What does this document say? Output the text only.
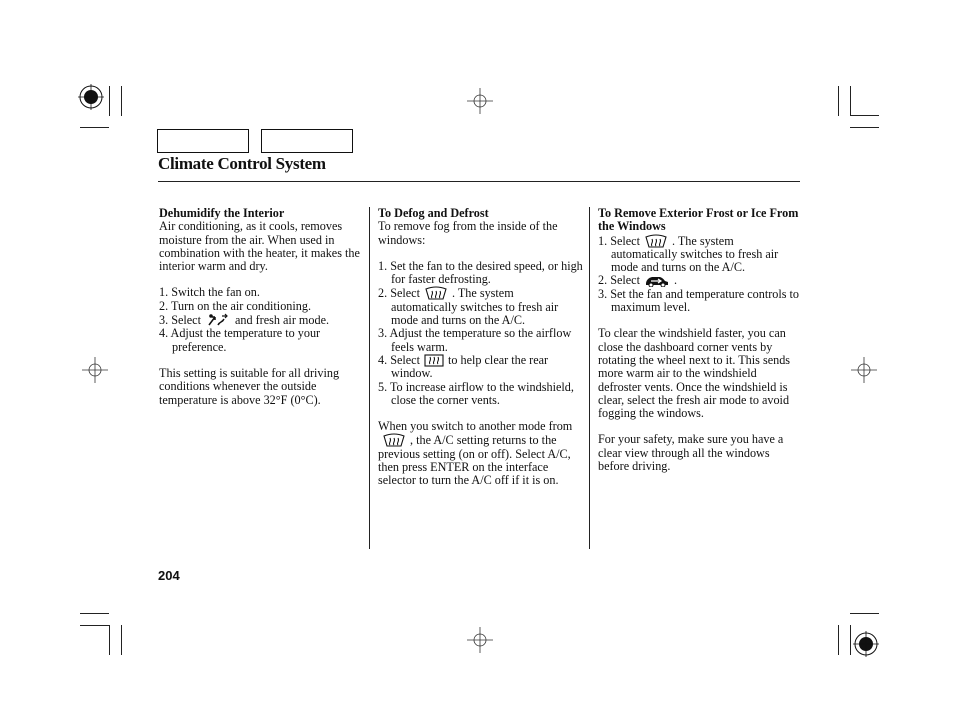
Climate Control System

Dehumidify the Interior

Air conditioning, as it cools, removes moisture from the air. When used in combination with the heater, it makes the interior warm and dry.

1. Switch the fan on.

2. Turn on the air conditioning.

3. Select	and fresh air mode.

4. Adjust the temperature to your preference.

This setting is suitable for all driving conditions whenever the outside temperature is above 32°F (0°C).

To Defog and Defrost

To remove fog from the inside of the windows:

1. Set the fan to the desired speed, or high for faster defrosting.

2. Select	. The system automatically switches to fresh air mode and turns on the A/C.

3. Adjust the temperature so the airflow feels warm.

4. Select to help clear the rear window.

5. To increase airflow to the windshield, close the corner vents.

When you switch to another mode from, the A/C setting returns to the previous setting (on or off). Select A/C, then press ENTER on the interface selector to turn the A/C off if it is on.

To Remove Exterior Frost or Ice From the Windows

1. Select	. The system automatically switches to fresh air mode and turns on the A/C.

2. Select	.

3. Set the fan and temperature controls to maximum level.

To clear the windshield faster, you can close the dashboard corner vents by rotating the wheel next to it. This sends more warm air to the windshield defroster vents. Once the windshield is clear, select the fresh air mode to avoid fogging the windows.

For your safety, make sure you have a clear view through all the windows before driving.

204
